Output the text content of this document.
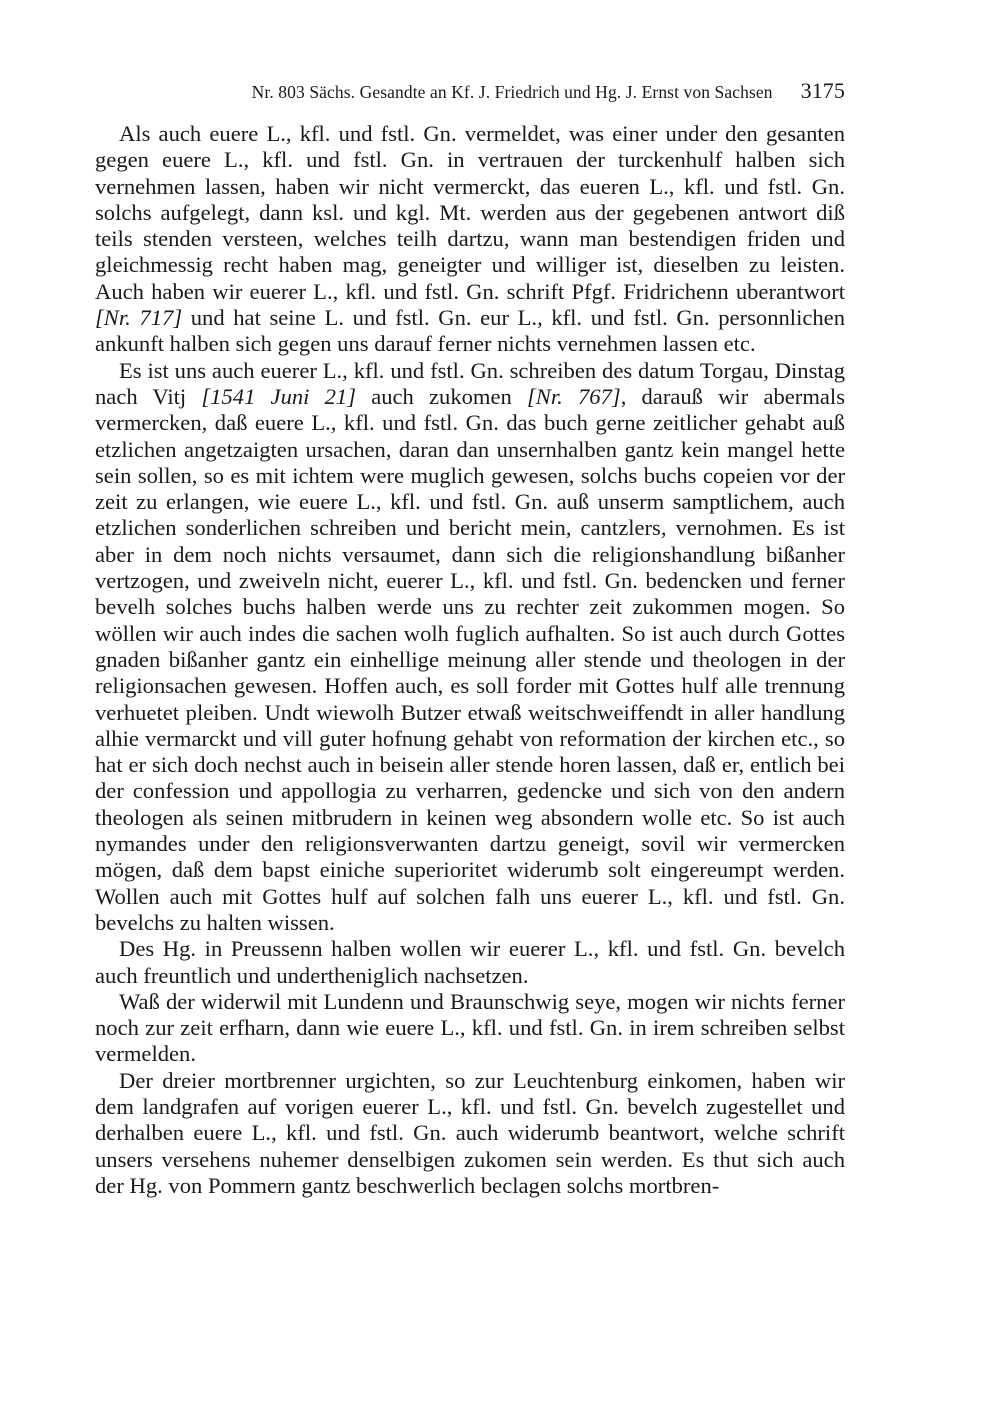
Nr. 803 Sächs. Gesandte an Kf. J. Friedrich und Hg. J. Ernst von Sachsen 3175

Als auch euere L., kfl. und fstl. Gn. vermeldet, was einer under den gesanten gegen euere L., kfl. und fstl. Gn. in vertrauen der turckenhulf halben sich vernehmen lassen, haben wir nicht vermerckt, das eueren L., kfl. und fstl. Gn. solchs aufgelegt, dann ksl. und kgl. Mt. werden aus der gegebenen antwort diß teils stenden versteen, welches teilh dartzu, wann man bestendigen friden und gleichmessig recht haben mag, geneigter und williger ist, dieselben zu leisten. Auch haben wir euerer L., kfl. und fstl. Gn. schrift Pfgf. Fridrichenn uberantwort [Nr. 717] und hat seine L. und fstl. Gn. eur L., kfl. und fstl. Gn. personnlichen ankunft halben sich gegen uns darauf ferner nichts vernehmen lassen etc.

Es ist uns auch euerer L., kfl. und fstl. Gn. schreiben des datum Torgau, Dinstag nach Vitj [1541 Juni 21] auch zukomen [Nr. 767], darauß wir abermals vermercken, daß euere L., kfl. und fstl. Gn. das buch gerne zeitlicher gehabt auß etzlichen angetzaigten ursachen, daran dan unsernhalben gantz kein mangel hette sein sollen, so es mit ichtem were muglich gewesen, solchs buchs copeien vor der zeit zu erlangen, wie euere L., kfl. und fstl. Gn. auß unserm samptlichem, auch etzlichen sonderlichen schreiben und bericht mein, cantzlers, vernohmen. Es ist aber in dem noch nichts versaumet, dann sich die religionshandlung bißanher vertzogen, und zweiveln nicht, euerer L., kfl. und fstl. Gn. bedencken und ferner bevelh solches buchs halben werde uns zu rechter zeit zukommen mogen. So wöllen wir auch indes die sachen wolh fuglich aufhalten. So ist auch durch Gottes gnaden bißanher gantz ein einhellige meinung aller stende und theologen in der religionsachen gewesen. Hoffen auch, es soll forder mit Gottes hulf alle trennung verhuetet pleiben. Undt wiewolh Butzer etwaß weitschweiffendt in aller handlung alhie vermarckt und vill guter hofnung gehabt von reformation der kirchen etc., so hat er sich doch nechst auch in beisein aller stende horen lassen, daß er, entlich bei der confession und appollogia zu verharren, gedencke und sich von den andern theologen als seinen mitbrudern in keinen weg absondern wolle etc. So ist auch nymandes under den religionsverwanten dartzu geneigt, sovil wir vermercken mögen, daß dem bapst einiche superioritet widerumb solt eingereumpt werden. Wollen auch mit Gottes hulf auf solchen falh uns euerer L., kfl. und fstl. Gn. bevelchs zu halten wissen.

Des Hg. in Preussenn halben wollen wir euerer L., kfl. und fstl. Gn. bevelch auch freuntlich und undertheniglich nachsetzen.

Waß der widerwil mit Lundenn und Braunschwig seye, mogen wir nichts ferner noch zur zeit erfharn, dann wie euere L., kfl. und fstl. Gn. in irem schreiben selbst vermelden.

Der dreier mortbrenner urgichten, so zur Leuchtenburg einkomen, haben wir dem landgrafen auf vorigen euerer L., kfl. und fstl. Gn. bevelch zugestellet und derhalben euere L., kfl. und fstl. Gn. auch widerumb beantwort, welche schrift unsers versehens nuhemer denselbigen zukomen sein werden. Es thut sich auch der Hg. von Pommern gantz beschwerlich beclagen solchs mortbren-
